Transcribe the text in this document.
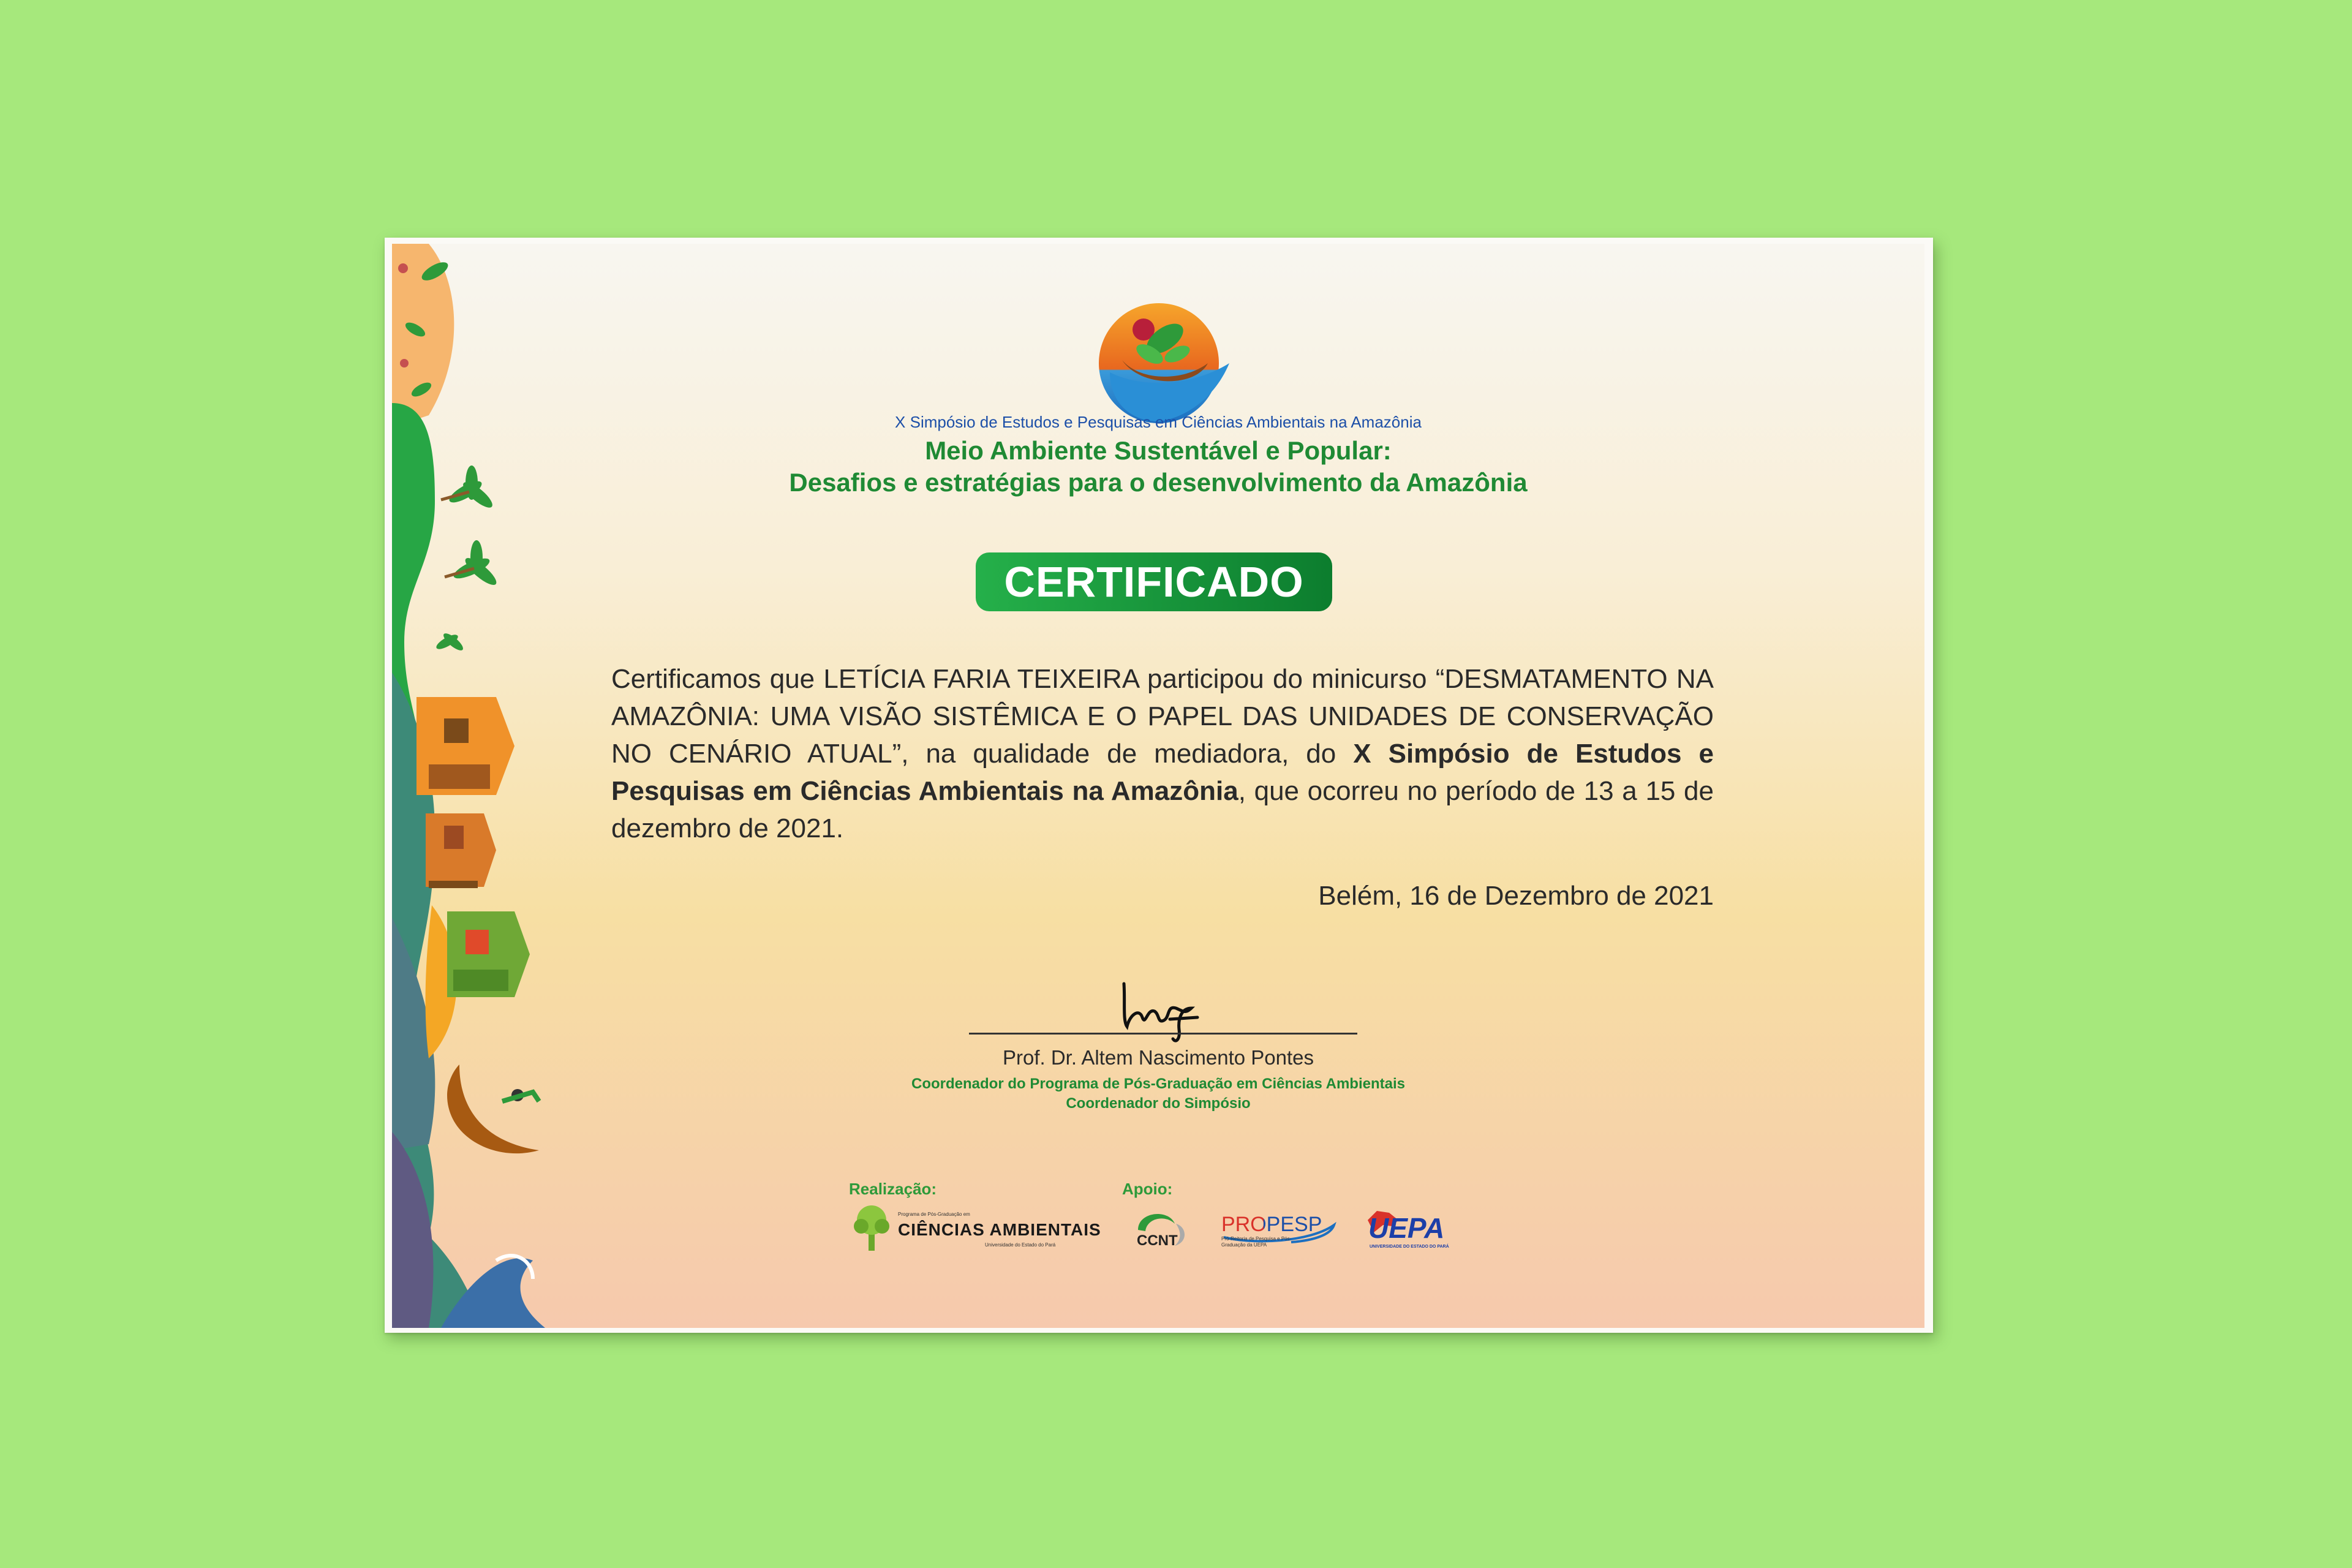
X Simpósio de Estudos e Pesquisas em Ciências Ambientais na Amazônia
Meio Ambiente Sustentável e Popular:
Desafios e estratégias para o desenvolvimento da Amazônia
CERTIFICADO
Certificamos que LETÍCIA FARIA TEIXEIRA participou do minicurso “DESMATAMENTO NA AMAZÔNIA: UMA VISÃO SISTÊMICA E O PAPEL DAS UNIDADES DE CONSERVAÇÃO NO CENÁRIO ATUAL”, na qualidade de mediadora, do X Simpósio de Estudos e Pesquisas em Ciências Ambientais na Amazônia, que ocorreu no período de 13 a 15 de dezembro de 2021.
Belém, 16 de Dezembro de 2021
Prof. Dr. Altem Nascimento Pontes
Coordenador do Programa de Pós-Graduação em Ciências Ambientais
Coordenador do Simpósio
Realização:	Apoio:
Programa de Pós-Graduação em
CIÊNCIAS AMBIENTAIS
Universidade do Estado do Pará	CCNT
PROPESP
Pró-Reitoria de Pesquisa e Pós-Graduação da UEPA
UEPA
UNIVERSIDADE DO ESTADO DO PARÁ
